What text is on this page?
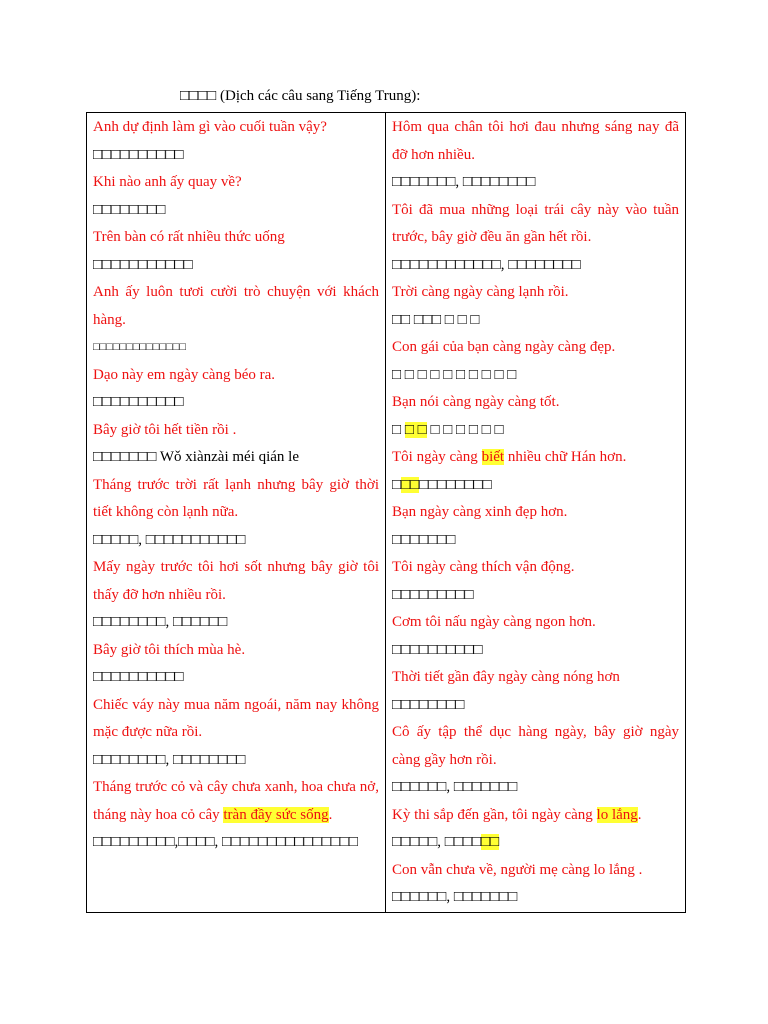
□□□□ (Dịch các câu sang Tiếng Trung):

Anh dự định làm gì vào cuối tuần vậy?

□□□□□□□□□□

Khi nào anh ấy quay về?

□□□□□□□□

Trên bàn có rất nhiều thức uống

□□□□□□□□□□□

Anh ấy luôn tươi cười trò chuyện với khách hàng.

□□□□□□□□□□□□□□

Dạo này em ngày càng béo ra.

□□□□□□□□□□

Bây giờ tôi hết tiền rồi .

□□□□□□□ Wǒ xiànzài méi qián le

Tháng trước trời rất lạnh nhưng bây giờ thời tiết không còn lạnh nữa.

□□□□□, □□□□□□□□□□□

Mấy ngày trước tôi hơi sốt nhưng bây giờ tôi thấy đỡ hơn nhiều rồi.

□□□□□□□□, □□□□□□

Bây giờ tôi thích mùa hè.

□□□□□□□□□□

Chiếc váy này mua năm ngoái, năm nay không mặc được nữa rồi.

□□□□□□□□, □□□□□□□□

Tháng trước cỏ và cây chưa xanh, hoa chưa nở, tháng này hoa cỏ cây tràn đầy sức sống.

□□□□□□□□□,□□□□, □□□□□□□□□□□□□□□

Hôm qua chân tôi hơi đau nhưng sáng nay đã đỡ hơn nhiều.

□□□□□□□, □□□□□□□□

Tôi đã mua những loại trái cây này vào tuần trước, bây giờ đều ăn gần hết rồi.

□□□□□□□□□□□□, □□□□□□□□

Trời càng ngày càng lạnh rồi.

□□ □□□ □ □ □

Con gái của bạn càng ngày càng đẹp.

□ □ □ □ □ □ □ □ □ □

Bạn nói càng ngày càng tốt.

□ □ □ □ □ □ □ □ □

Tôi ngày càng biết nhiều chữ Hán hơn.

□□□□□□□□□□□

Bạn ngày càng xinh đẹp hơn.

□□□□□□□

Tôi ngày càng thích vận động.

□□□□□□□□□

Cơm tôi nấu ngày càng ngon hơn.

□□□□□□□□□□

Thời tiết gần đây ngày càng nóng hơn

□□□□□□□□

Cô ấy tập thể dục hàng ngày, bây giờ ngày càng gầy hơn rồi.

□□□□□□, □□□□□□□

Kỳ thi sắp đến gần, tôi ngày càng lo lắng.

□□□□□, □□□□□□

Con vẫn chưa về, người mẹ càng lo lắng .

□□□□□□, □□□□□□□
